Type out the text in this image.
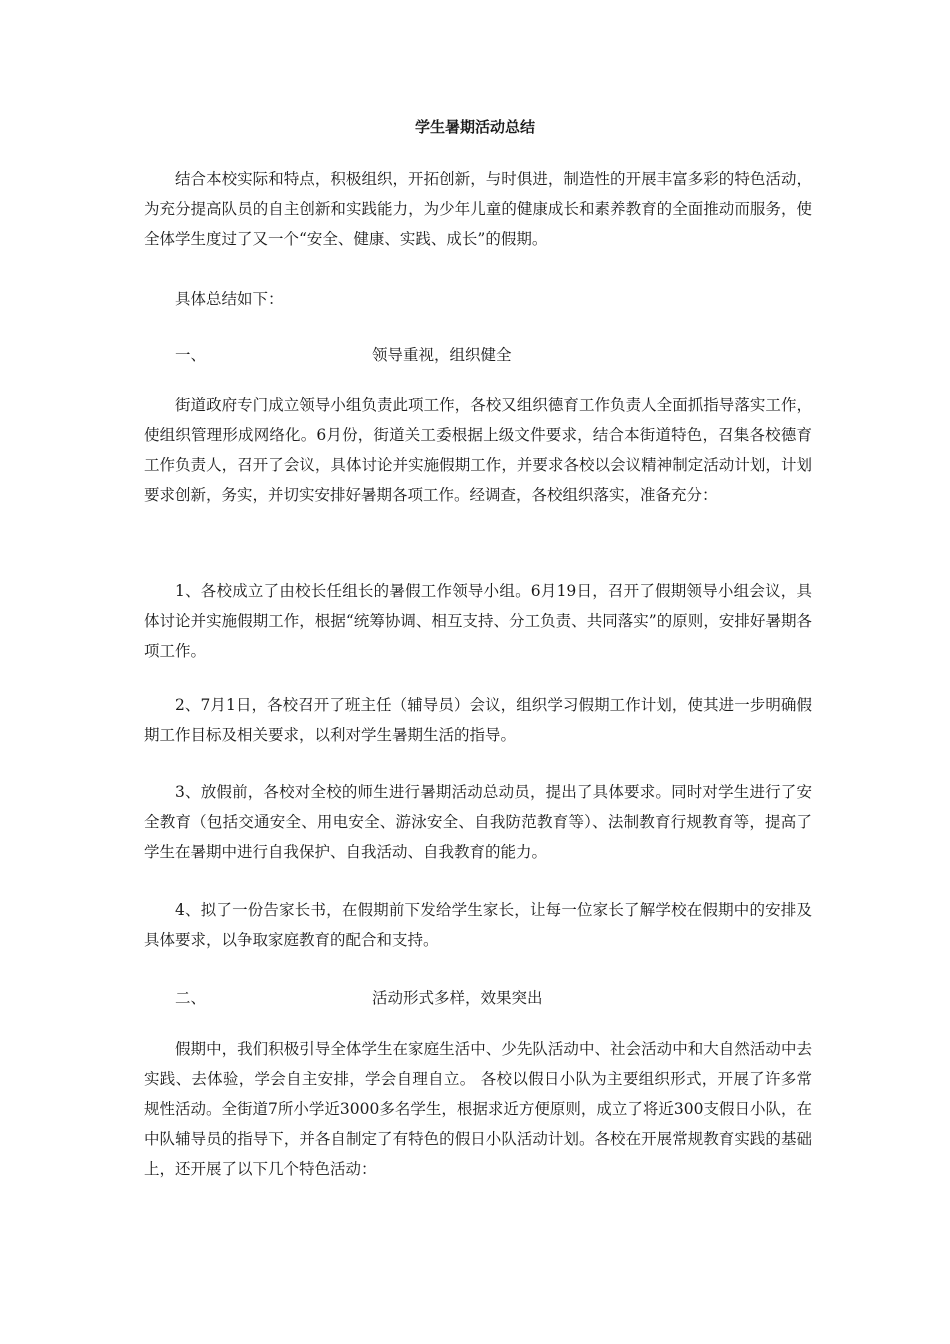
学生暑期活动总结

结合本校实际和特点，积极组织，开拓创新，与时俱进，制造性的开展丰富多彩的特色活动，为充分提高队员的自主创新和实践能力，为少年儿童的健康成长和素养教育的全面推动而服务，使全体学生度过了又一个“安全、健康、实践、成长”的假期。

具体总结如下：

一、	领导重视，组织健全

街道政府专门成立领导小组负责此项工作，各校又组织德育工作负责人全面抓指导落实工作，使组织管理形成网络化。6月份，街道关工委根据上级文件要求，结合本街道特色，召集各校德育工作负责人，召开了会议，具体讨论并实施假期工作，并要求各校以会议精神制定活动计划，计划要求创新，务实，并切实安排好暑期各项工作。经调查，各校组织落实，准备充分：

1、各校成立了由校长任组长的暑假工作领导小组。6月19日，召开了假期领导小组会议，具体讨论并实施假期工作，根据“统筹协调、相互支持、分工负责、共同落实”的原则，安排好暑期各项工作。

2、7月1日，各校召开了班主任（辅导员）会议，组织学习假期工作计划，使其进一步明确假期工作目标及相关要求，以利对学生暑期生活的指导。

3、放假前，各校对全校的师生进行暑期活动总动员，提出了具体要求。同时对学生进行了安全教育（包括交通安全、用电安全、游泳安全、自我防范教育等）、法制教育行规教育等，提高了学生在暑期中进行自我保护、自我活动、自我教育的能力。

4、拟了一份告家长书，在假期前下发给学生家长，让每一位家长了解学校在假期中的安排及具体要求，以争取家庭教育的配合和支持。

二、	活动形式多样，效果突出

假期中，我们积极引导全体学生在家庭生活中、少先队活动中、社会活动中和大自然活动中去实践、去体验，学会自主安排，学会自理自立。 各校以假日小队为主要组织形式，开展了许多常规性活动。全街道7所小学近3000多名学生，根据求近方便原则，成立了将近300支假日小队，在中队辅导员的指导下，并各自制定了有特色的假日小队活动计划。各校在开展常规教育实践的基础上，还开展了以下几个特色活动：
